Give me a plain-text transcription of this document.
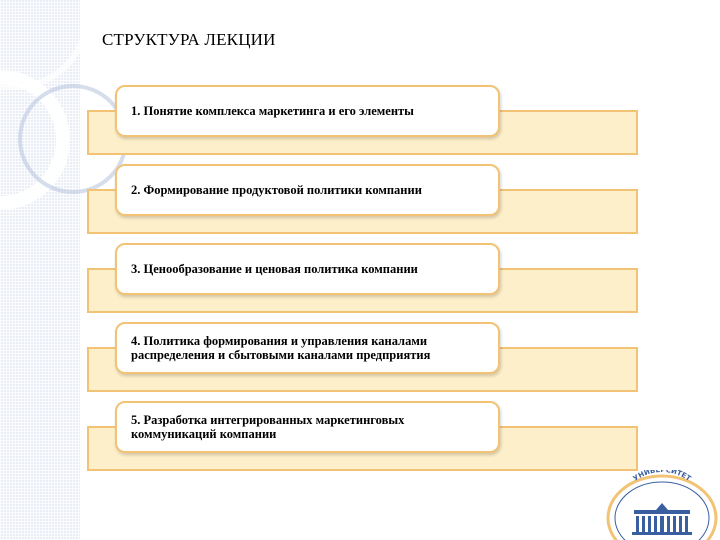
СТРУКТУРА ЛЕКЦИИ
1. Понятие комплекса маркетинга и его элементы
2. Формирование продуктовой политики компании
3. Ценообразование и ценовая политика компании
4. Политика формирования и управления каналами распределения и сбытовыми каналами предприятия
5. Разработка интегрированных маркетинговых коммуникаций компании
УНИВЕРСИТЕТ
